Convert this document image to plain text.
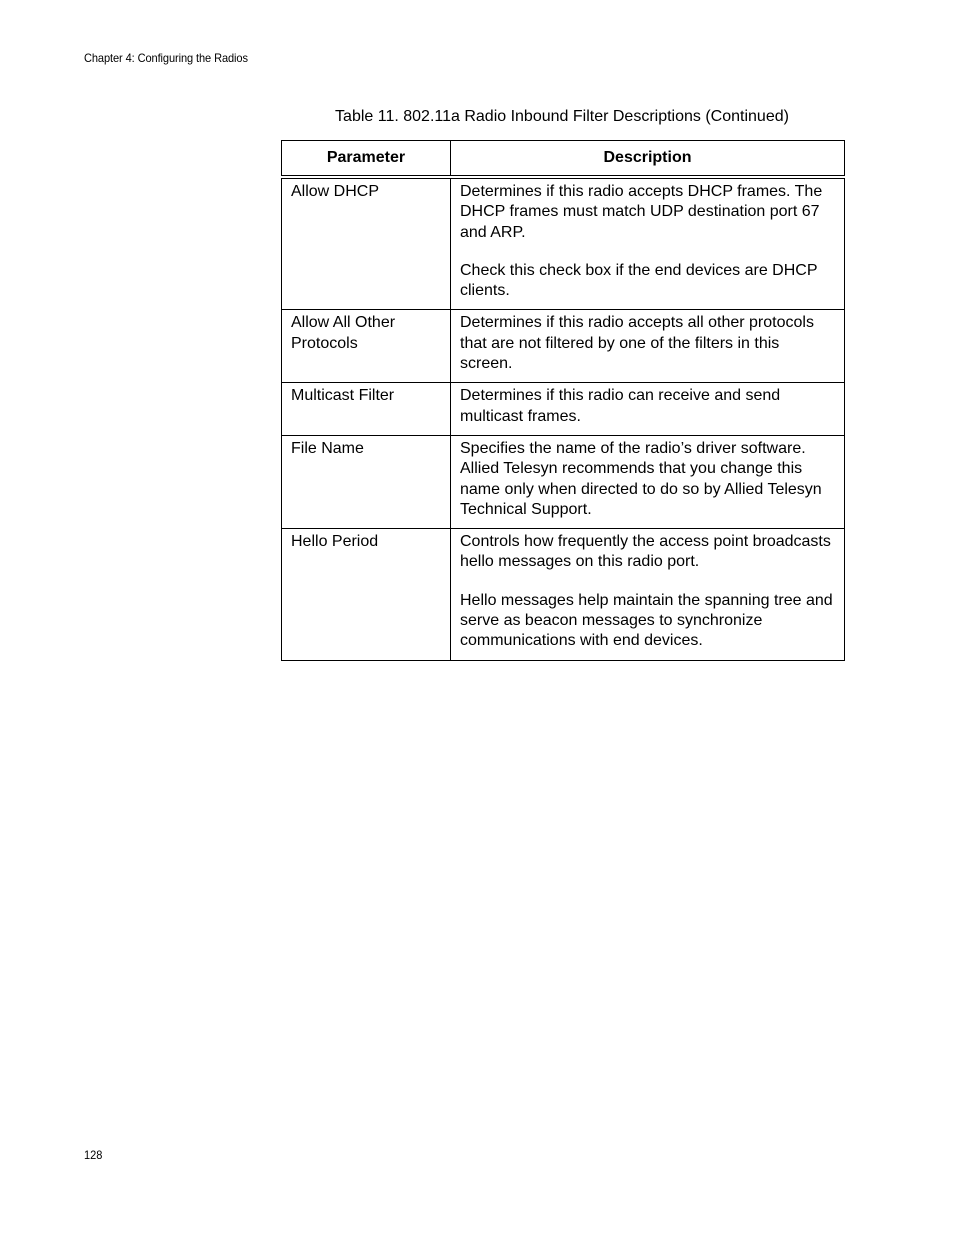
Chapter 4: Configuring the Radios
Table 11. 802.11a Radio Inbound Filter Descriptions (Continued)
Parameter	Description
Allow DHCP	Determines if this radio accepts DHCP frames. The DHCP frames must match UDP destination port 67 and ARP.

Check this check box if the end devices are DHCP clients.

Allow All Other Protocols	Determines if this radio accepts all other protocols that are not filtered by one of the filters in this screen.

Multicast Filter	Determines if this radio can receive and send multicast frames.

File Name	Specifies the name of the radio’s driver software. Allied Telesyn recommends that you change this name only when directed to do so by Allied Telesyn Technical Support.

Hello Period	Controls how frequently the access point broadcasts hello messages on this radio port.

Hello messages help maintain the spanning tree and serve as beacon messages to synchronize communications with end devices.

128
